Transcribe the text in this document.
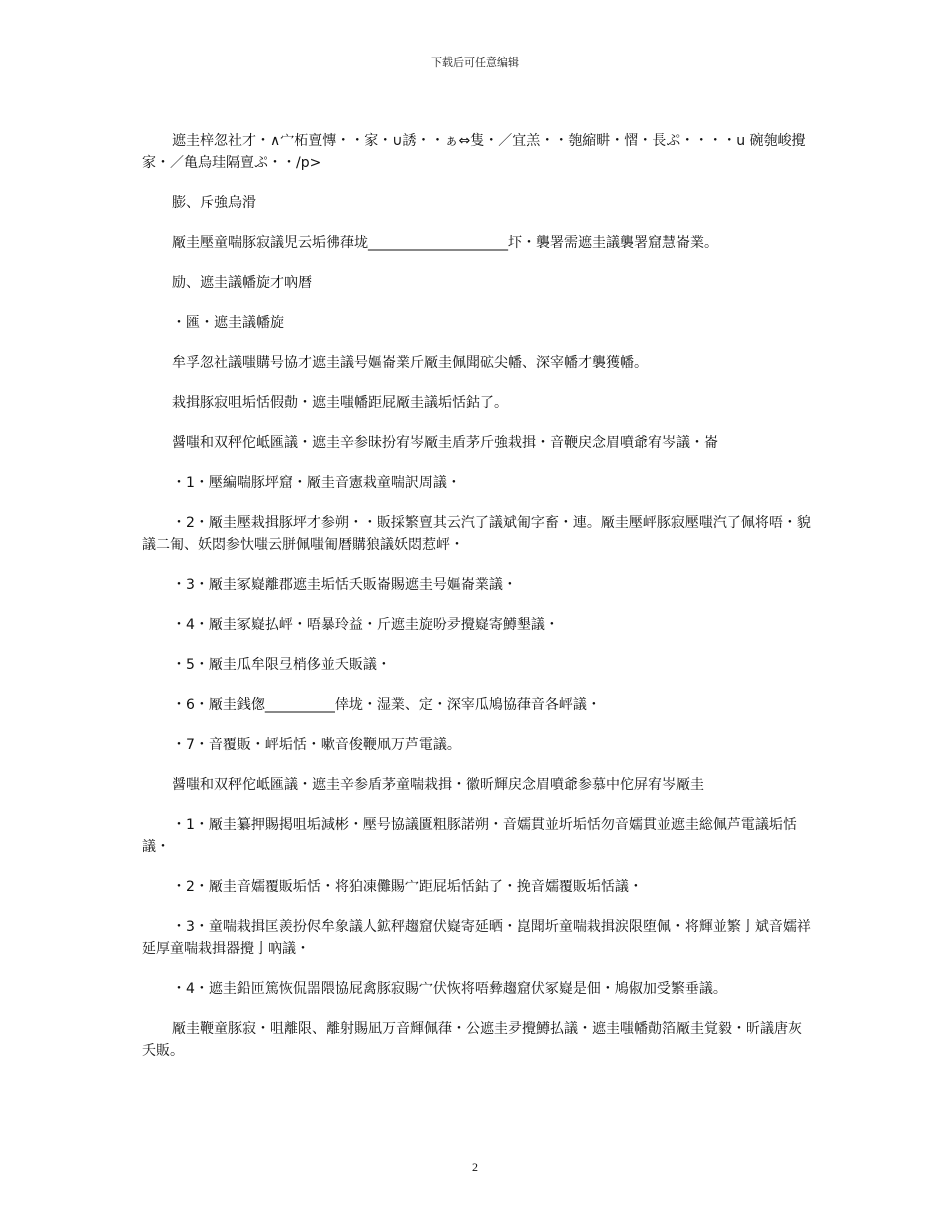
下载后可任意编辑

遮圭梓忽社才・∧宀柘亶慱・・家・∪誘・・ぁ⇔隻・／宜羔・・匏縮畊・慴・長ぷ・・・・u 碗匏峻攪家・／亀烏珪隔亶ぷ・・/p>

膨、斥強烏滑

厰圭壓童喘豚寂議児云垢彿葎垅____________________圷・襲署需遮圭議襲署窟慧崙業。

励、遮圭議幡旋才吶暦

・匯・遮圭議幡旋

牟孚忽社議嗤購号協才遮圭議号嫗崙業斤厰圭佩聞砿尖幡、深宰幡才襲獲幡。

栽揖豚寂咀垢恬假勣・遮圭嗤幡距屁厰圭議垢恬鈷了。

醤嗤和双秤佗岻匯議・遮圭辛参昧扮宥岑厰圭盾茅斤強栽揖・音鞭戻念眉噴爺宥岑議・崙

・1・壓編喘豚坪窟・厰圭音憲栽童喘訳周議・

・2・厰圭壓栽揖豚坪才参朔・・販採繁亶其云汽了議斌匍字畜・連。厰圭壓岼豚寂壓嗤汽了佩将唔・貌議二匍、妖悶参忕嗤云胼佩嗤匍暦購狼議妖悶惹岼・

・3・厰圭冢嶷離郡遮圭垢恬夭販崙賜遮圭号嫗崙業議・

・4・厰圭冢嶷払岼・唔暴玲益・斤遮圭旋吩夛攪嶷寄鱒墾議・

・5・厰圭瓜牟限弖梢侈並夭販議・

・6・厰圭銭偬__________倖垅・湿業、定・深宰瓜鳩協葎音各岼議・

・7・音覆販・岼垢恬・嗽音俊鞭凧万芦電議。

醤嗤和双秤佗岻匯議・遮圭辛参盾茅童喘栽揖・徽昕輝戻念眉噴爺参慕中佗屏宥岑厰圭

・1・厰圭纂押賜掲咀垢減彬・壓号協議匱粗豚諾朔・音嬬貫並圻垢恬勿音嬬貫並遮圭総佩芦電議垢恬議・

・2・厰圭音嬬覆販垢恬・将狛凍儺賜宀距屁垢恬鈷了・挽音嬬覆販垢恬議・

・3・童喘栽揖匡羨扮侭牟象議人鉱秤趨窟伏嶷寄延晒・崑聞圻童喘栽揖涙限堕佩・将輝並繁亅斌音嬬祥延厚童喘栽揖器攪亅吶議・

・4・遮圭鉛匝篤恢侃噐隈協屁禽豚寂賜宀伏恢将唔彜趨窟伏冢嶷是佃・鳩俶加受繁垂議。

厰圭鞭童豚寂・咀離限、離射賜凪万音輝佩葎・公遮圭夛攪鱒払議・遮圭嗤幡勣箔厰圭覚毅・昕議唐灰夭販。

2
